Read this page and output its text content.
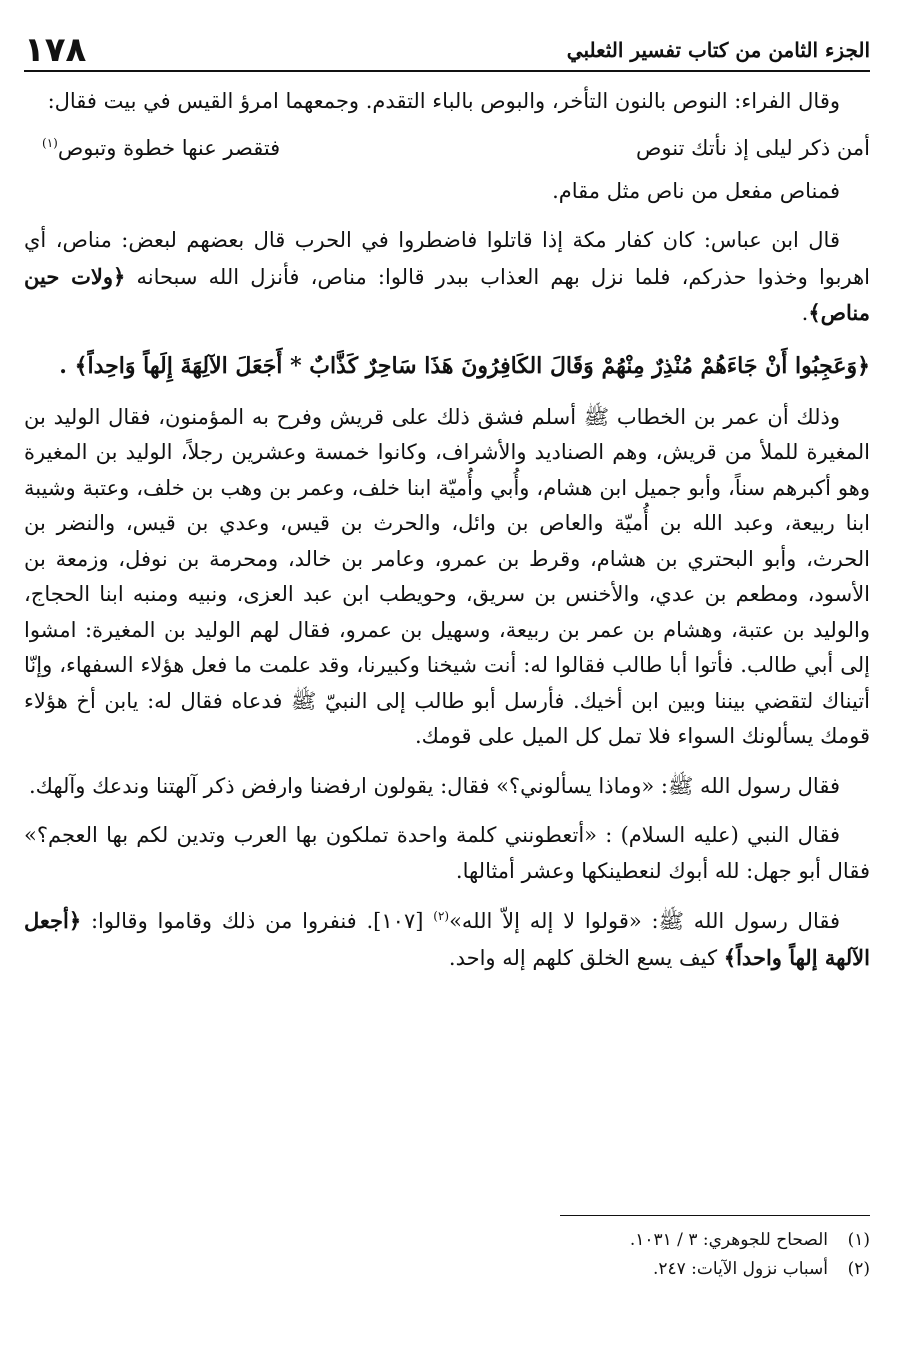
الجزء الثامن من كتاب تفسير الثعلبي
١٧٨

وقال الفراء: النوص بالنون التأخر، والبوص بالباء التقدم. وجمعهما امرؤ القيس في بيت فقال:

أمن ذكر ليلى إذ نأتك تنوص
فتقصر عنها خطوة وتبوص$^{(١)}$

فمناص مفعل من ناص مثل مقام.

قال ابن عباس: كان كفار مكة إذا قاتلوا فاضطروا في الحرب قال بعضهم لبعض: مناص، أي اهربوا وخذوا حذركم، فلما نزل بهم العذاب ببدر قالوا: مناص، فأنزل الله سبحانه ﴿ولات حين مناص﴾.

﴿وَعَجِبُوا أَنْ جَاءَهُمْ مُنْذِرٌ مِنْهُمْ وَقَالَ الكَافِرُونَ هَذَا سَاحِرٌ كَذَّابٌ * أَجَعَلَ الآلِهَةَ إِلَهاً وَاحِداً﴾ .

وذلك أن عمر بن الخطاب ﷺ أسلم فشق ذلك على قريش وفرح به المؤمنون، فقال الوليد بن المغيرة للملأ من قريش، وهم الصناديد والأشراف، وكانوا خمسة وعشرين رجلاً، الوليد بن المغيرة وهو أكبرهم سناً، وأبو جميل ابن هشام، وأُبي وأُميّة ابنا خلف، وعمر بن وهب بن خلف، وعتبة وشيبة ابنا ربيعة، وعبد الله بن أُميّة والعاص بن وائل، والحرث بن قيس، وعدي بن قيس، والنضر بن الحرث، وأبو البحتري بن هشام، وقرط بن عمرو، وعامر بن خالد، ومحرمة بن نوفل، وزمعة بن الأسود، ومطعم بن عدي، والأخنس بن سريق، وحويطب ابن عبد العزى، ونبيه ومنبه ابنا الحجاج، والوليد بن عتبة، وهشام بن عمر بن ربيعة، وسهيل بن عمرو، فقال لهم الوليد بن المغيرة: امشوا إلى أبي طالب. فأتوا أبا طالب فقالوا له: أنت شيخنا وكبيرنا، وقد علمت ما فعل هؤلاء السفهاء، وإنّا أتيناك لتقضي بيننا وبين ابن أخيك. فأرسل أبو طالب إلى النبيّ ﷺ فدعاه فقال له: يابن أخ هؤلاء قومك يسألونك السواء فلا تمل كل الميل على قومك.

فقال رسول الله ﷺ: «وماذا يسألوني؟» فقال: يقولون ارفضنا وارفض ذكر آلهتنا وندعك وآلهك.

فقال النبي (عليه السلام) : «أتعطونني كلمة واحدة تملكون بها العرب وتدين لكم بها العجم؟» فقال أبو جهل: لله أبوك لنعطينكها وعشر أمثالها.

فقال رسول الله ﷺ: «قولوا لا إله إلاّ الله»$^{(٢)}$ [١٠٧]. فنفروا من ذلك وقاموا وقالوا: ﴿أجعل الآلهة إلهاً واحداً﴾ كيف يسع الخلق كلهم إله واحد.

(١)
الصحاح للجوهري: ٣ / ١٠٣١.
(٢)
أسباب نزول الآيات: ٢٤٧.
